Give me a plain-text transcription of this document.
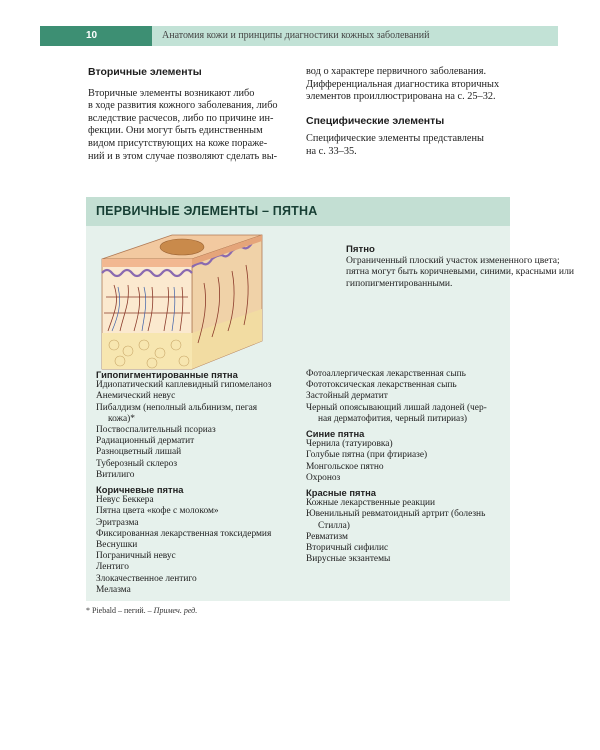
10	Анатомия кожи и принципы диагностики кожных заболеваний
Вторичные элементы
Вторичные элементы возникают либо
в ходе развития кожного заболевания, либо
вследствие расчесов, либо по причине ин-
фекции. Они могут быть единственным
видом присутствующих на коже пораже-
ний и в этом случае позволяют сделать вы-
вод о характере первичного заболевания.
Дифференциальная диагностика вторичных
элементов проиллюстрирована на с. 25–32.
Специфические элементы
Специфические элементы представлены
на с. 33–35.
ПЕРВИЧНЫЕ ЭЛЕМЕНТЫ – ПЯТНА
Пятно
Ограниченный плоский участок измененного цвета;
пятна могут быть коричневыми, синими, красными или
гипопигментированными.
Гипопигментированные пятна
Идиопатический каплевидный гипомеланоз
Анемический невус
Пибалдизм (неполный альбинизм, пегая
кожа)*
Поствоспалительный псориаз
Радиационный дерматит
Разноцветный лишай
Туберозный склероз
Витилиго
Коричневые пятна
Невус Беккера
Пятна цвета «кофе с молоком»
Эритразма
Фиксированная лекарственная токсидермия
Веснушки
Пограничный невус
Лентиго
Злокачественное лентиго
Мелазма
Фотоаллергическая лекарственная сыпь
Фототоксическая лекарственная сыпь
Застойный дерматит
Черный опоясывающий лишай ладоней (чер-
ная дерматофития, черный питириаз)
Синие пятна
Чернила (татуировка)
Голубые пятна (при фтириазе)
Монгольское пятно
Охроноз
Красные пятна
Кожные лекарственные реакции
Ювенильный ревматоидный артрит (болезнь
Стилла)
Ревматизм
Вторичный сифилис
Вирусные экзантемы
* Piebald – пегий. – Примеч. ред.
